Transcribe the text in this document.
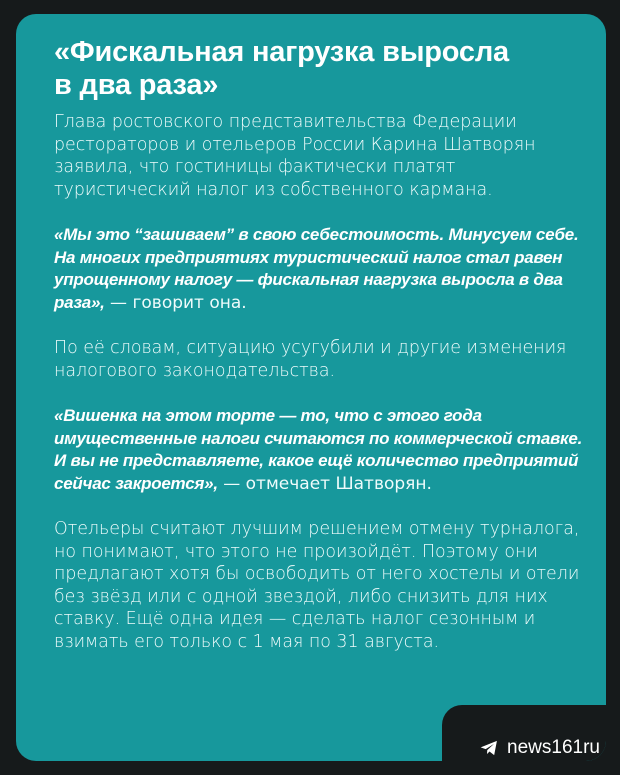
«Фискальная нагрузка выросла
в два раза»

Глава ростовского представительства Федерации рестораторов и отельеров России Карина Шатворян заявила, что гостиницы фактически платят туристический налог из собственного кармана.

«Мы это “зашиваем” в свою себестоимость. Минусуем себе. На многих предприятиях туристический налог стал равен упрощенному налогу — фискальная нагрузка выросла в два раза», — говорит она.

По её словам, ситуацию усугубили и другие изменения налогового законодательства.

«Вишенка на этом торте — то, что с этого года имущественные налоги считаются по коммерческой ставке. И вы не представляете, какое ещё количество предприятий сейчас закроется», — отмечает Шатворян.

Отельеры считают лучшим решением отмену турналога, но понимают, что этого не произойдёт. Поэтому они предлагают хотя бы освободить от него хостелы и отели без звёзд или с одной звездой, либо снизить для них ставку. Ещё одна идея — сделать налог сезонным и взимать его только с 1 мая по 31 августа.

news161ru
